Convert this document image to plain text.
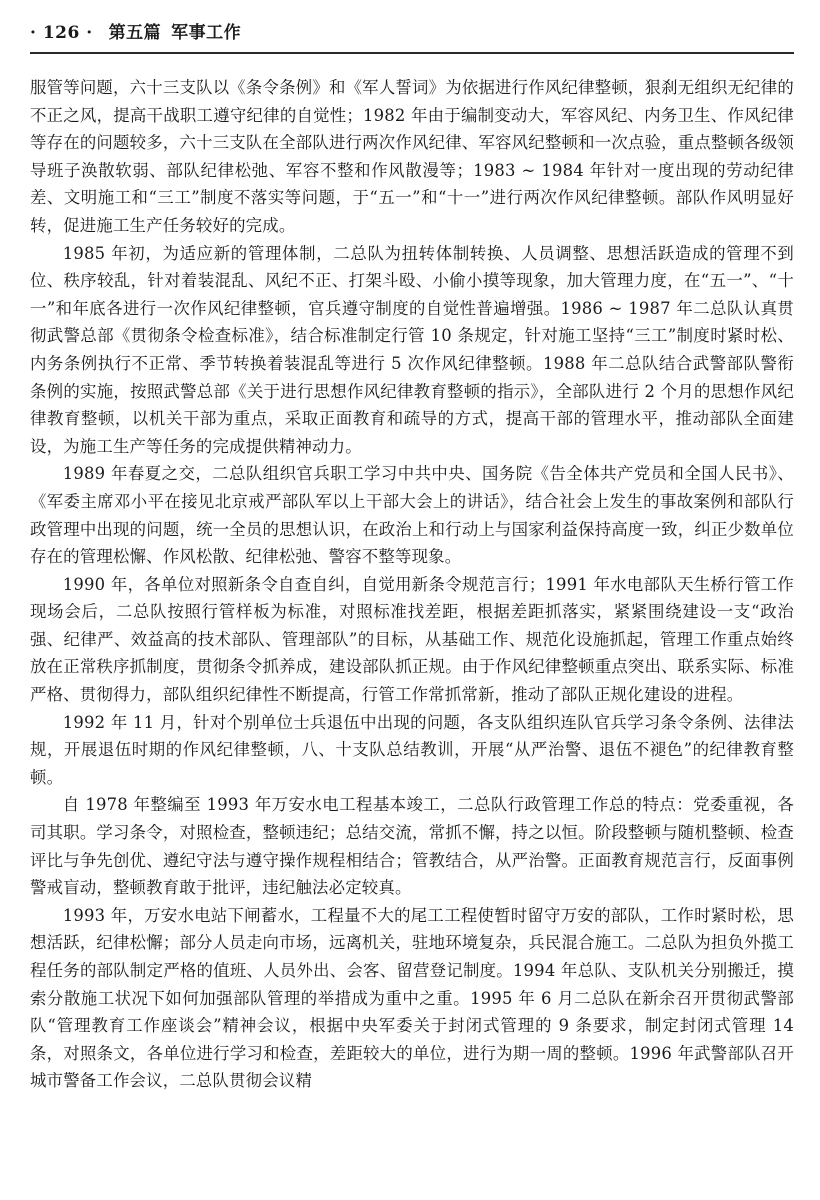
· 126 · 第五篇 军事工作

服管等问题，六十三支队以《条令条例》和《军人誓词》为依据进行作风纪律整顿，狠刹无组织无纪律的不正之风，提高干战职工遵守纪律的自觉性；1982 年由于编制变动大，军容风纪、内务卫生、作风纪律等存在的问题较多，六十三支队在全部队进行两次作风纪律、军容风纪整顿和一次点验，重点整顿各级领导班子涣散软弱、部队纪律松弛、军容不整和作风散漫等；1983 ~ 1984 年针对一度出现的劳动纪律差、文明施工和“三工”制度不落实等问题，于“五一”和“十一”进行两次作风纪律整顿。部队作风明显好转，促进施工生产任务较好的完成。

1985 年初，为适应新的管理体制，二总队为扭转体制转换、人员调整、思想活跃造成的管理不到位、秩序较乱，针对着装混乱、风纪不正、打架斗殴、小偷小摸等现象，加大管理力度，在“五一”、“十一”和年底各进行一次作风纪律整顿，官兵遵守制度的自觉性普遍增强。1986 ~ 1987 年二总队认真贯彻武警总部《贯彻条令检查标准》，结合标准制定行管 10 条规定，针对施工坚持“三工”制度时紧时松、内务条例执行不正常、季节转换着装混乱等进行 5 次作风纪律整顿。1988 年二总队结合武警部队警衔条例的实施，按照武警总部《关于进行思想作风纪律教育整顿的指示》，全部队进行 2 个月的思想作风纪律教育整顿，以机关干部为重点，采取正面教育和疏导的方式，提高干部的管理水平，推动部队全面建设，为施工生产等任务的完成提供精神动力。

1989 年春夏之交，二总队组织官兵职工学习中共中央、国务院《告全体共产党员和全国人民书》、《军委主席邓小平在接见北京戒严部队军以上干部大会上的讲话》，结合社会上发生的事故案例和部队行政管理中出现的问题，统一全员的思想认识，在政治上和行动上与国家利益保持高度一致，纠正少数单位存在的管理松懈、作风松散、纪律松弛、警容不整等现象。

1990 年，各单位对照新条令自查自纠，自觉用新条令规范言行；1991 年水电部队天生桥行管工作现场会后，二总队按照行管样板为标准，对照标准找差距，根据差距抓落实，紧紧围绕建设一支“政治强、纪律严、效益高的技术部队、管理部队”的目标，从基础工作、规范化设施抓起，管理工作重点始终放在正常秩序抓制度，贯彻条令抓养成，建设部队抓正规。由于作风纪律整顿重点突出、联系实际、标准严格、贯彻得力，部队组织纪律性不断提高，行管工作常抓常新，推动了部队正规化建设的进程。

1992 年 11 月，针对个别单位士兵退伍中出现的问题，各支队组织连队官兵学习条令条例、法律法规，开展退伍时期的作风纪律整顿，八、十支队总结教训，开展“从严治警、退伍不褪色”的纪律教育整顿。

自 1978 年整编至 1993 年万安水电工程基本竣工，二总队行政管理工作总的特点：党委重视，各司其职。学习条令，对照检查，整顿违纪；总结交流，常抓不懈，持之以恒。阶段整顿与随机整顿、检查评比与争先创优、遵纪守法与遵守操作规程相结合；管教结合，从严治警。正面教育规范言行，反面事例警戒盲动，整顿教育敢于批评，违纪触法必定较真。

1993 年，万安水电站下闸蓄水，工程量不大的尾工工程使暂时留守万安的部队，工作时紧时松，思想活跃，纪律松懈；部分人员走向市场，远离机关，驻地环境复杂，兵民混合施工。二总队为担负外揽工程任务的部队制定严格的值班、人员外出、会客、留营登记制度。1994 年总队、支队机关分别搬迁，摸索分散施工状况下如何加强部队管理的举措成为重中之重。1995 年 6 月二总队在新余召开贯彻武警部队“管理教育工作座谈会”精神会议，根据中央军委关于封闭式管理的 9 条要求，制定封闭式管理 14 条，对照条文，各单位进行学习和检查，差距较大的单位，进行为期一周的整顿。1996 年武警部队召开城市警备工作会议，二总队贯彻会议精
